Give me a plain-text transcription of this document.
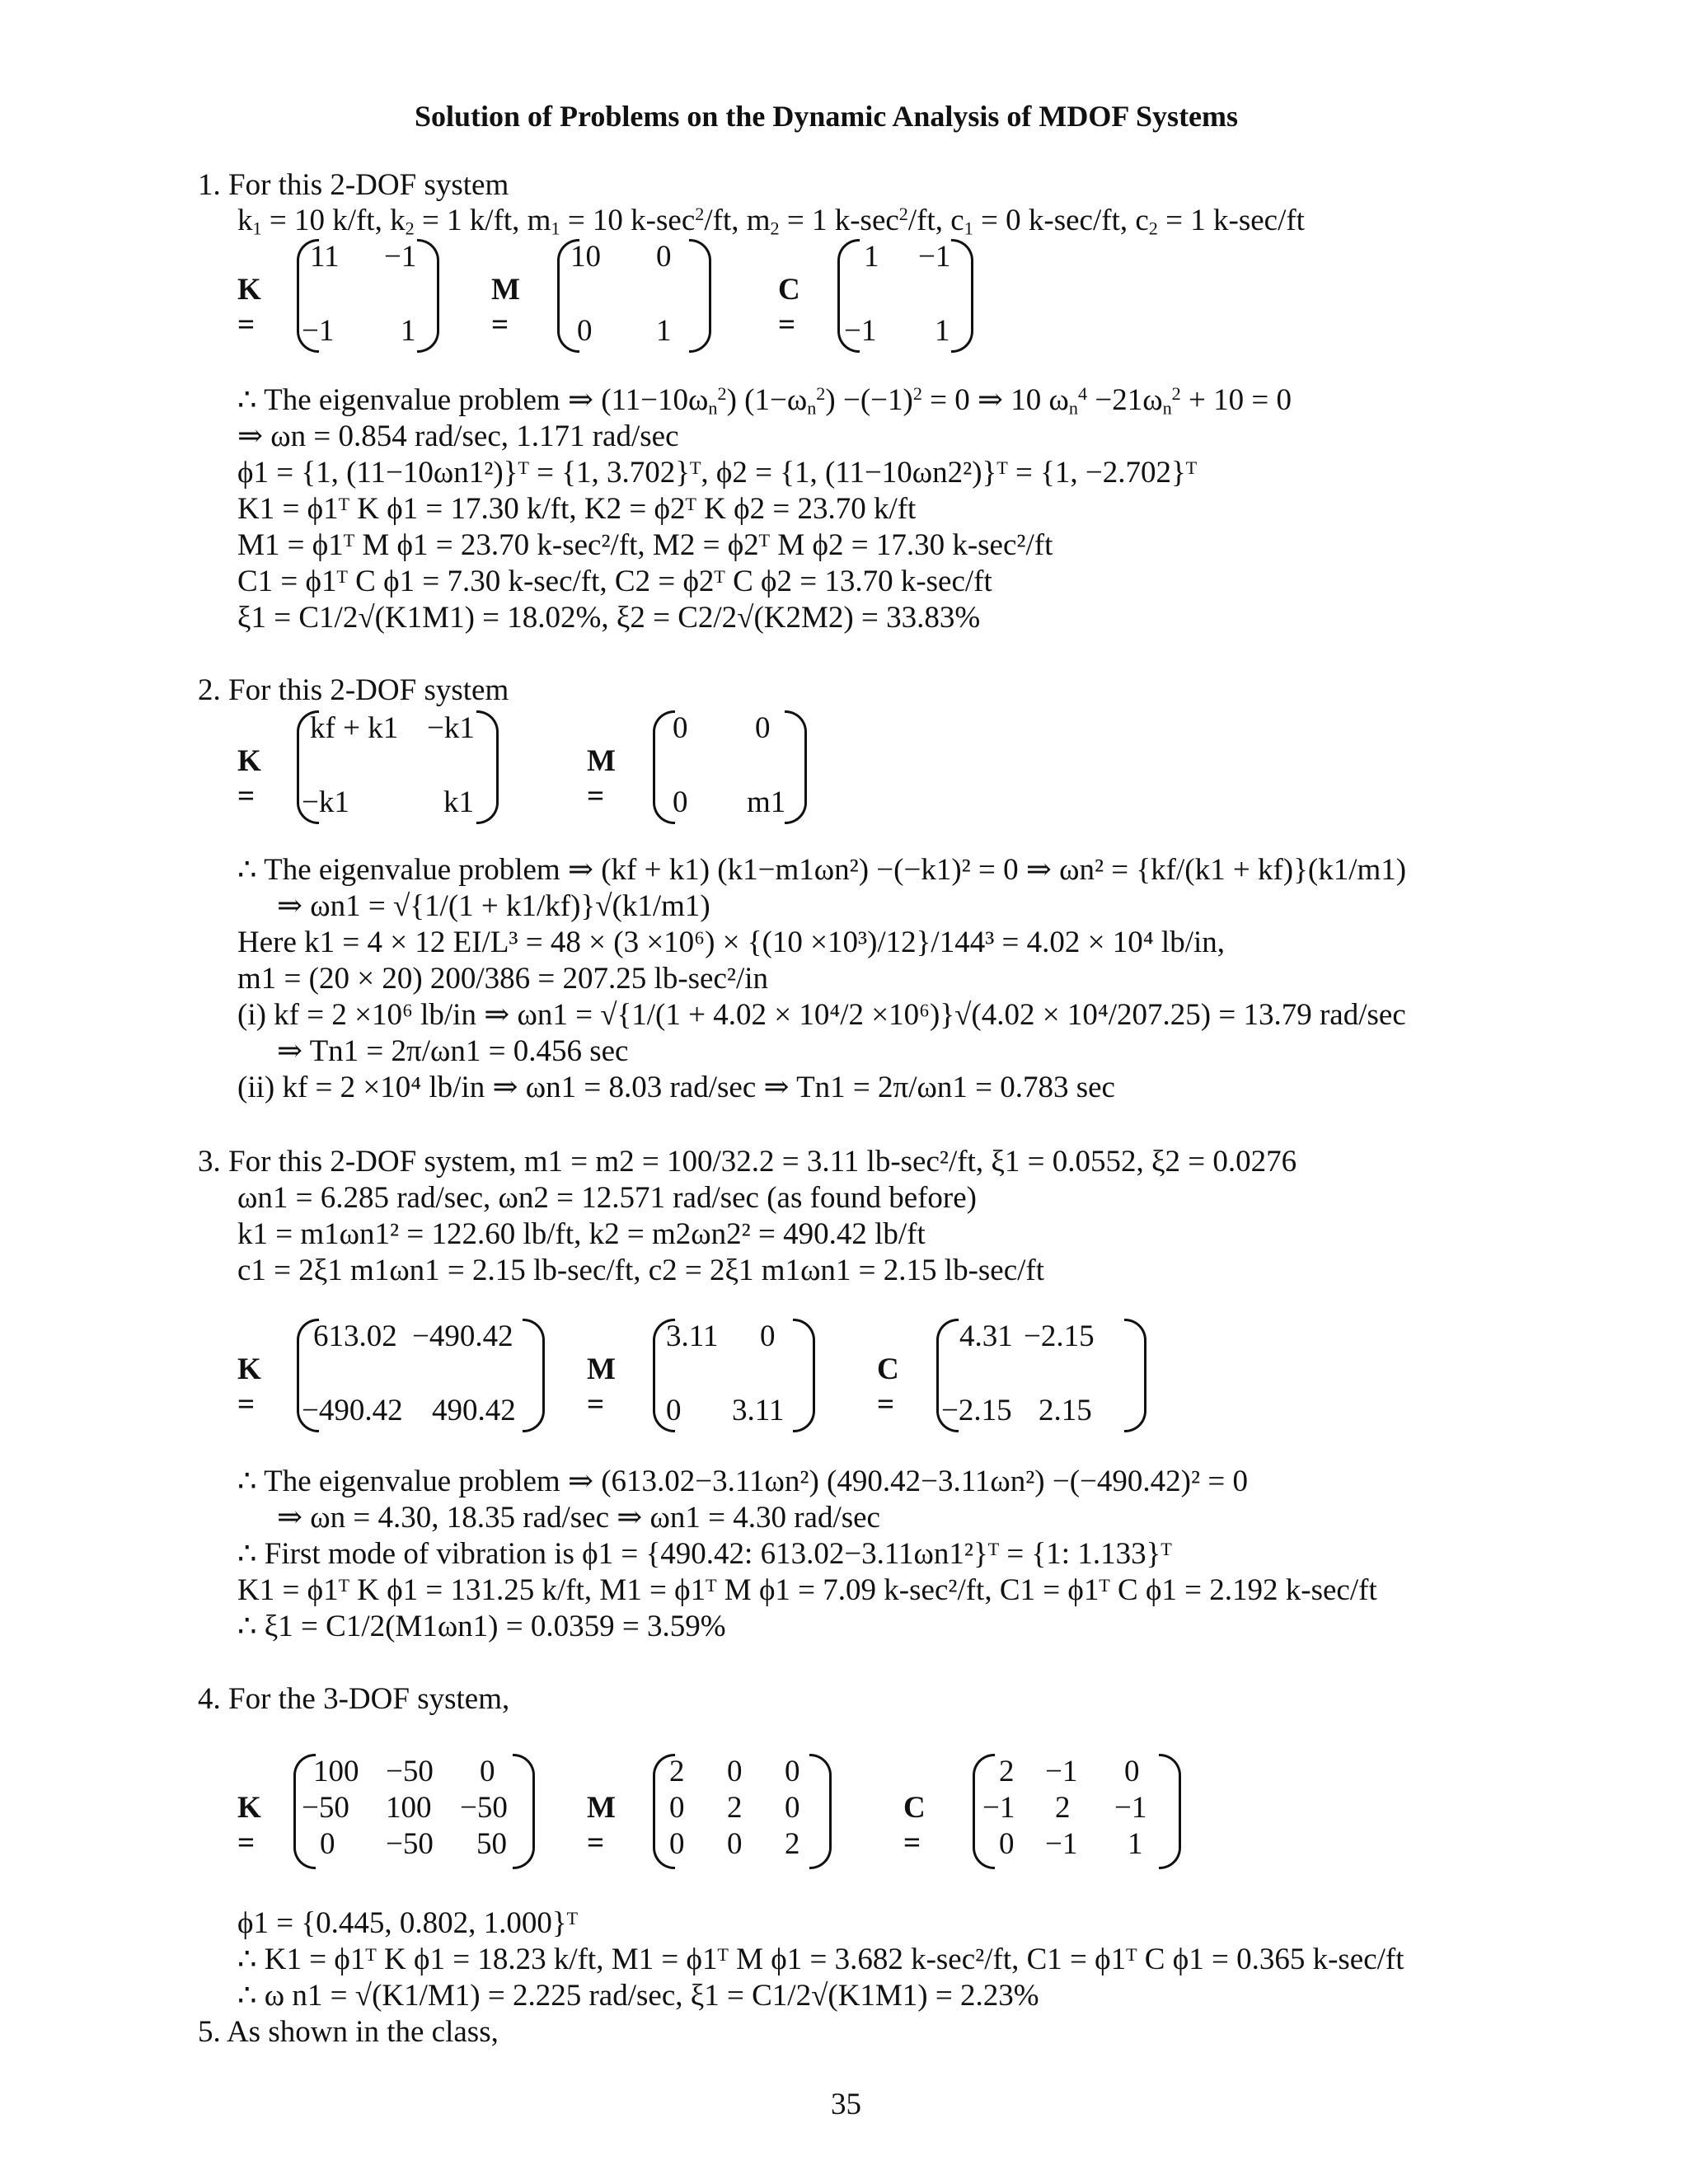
Solution of Problems on the Dynamic Analysis of MDOF Systems
1. For this 2-DOF system
$k_1 = 10$ k/ft, $k_2 = 1$ k/ft, $m_1 = 10$ $k-\sec^2/ft$, $m_2 = 1$ $k-\sec^2/ft$, $c_1 = 0$ k-sec/ft, $c_2 = 1$ k-sec/ft
K =
11 −1
−1 1
M =
10 0
0 1
C =
1 −1
−1 1
∴ The eigenvalue problem ⇒ $(11-10\omega_n^2)$ $(1-\omega_n^2) -(-1)^2 = 0$ ⇒ 10 $\omega_n^4 -21\omega_n^2 + 10 = 0$
⇒ ωn = 0.854 rad/sec, 1.171 rad/sec
ϕ1 = {1, (11−10ωn1²)}ᵀ = {1, 3.702}ᵀ, ϕ2 = {1, (11−10ωn2²)}ᵀ = {1, −2.702}ᵀ
K1 = ϕ1ᵀ K ϕ1 = 17.30 k/ft, K2 = ϕ2ᵀ K ϕ2 = 23.70 k/ft
M1 = ϕ1ᵀ M ϕ1 = 23.70 k-sec²/ft, M2 = ϕ2ᵀ M ϕ2 = 17.30 k-sec²/ft
C1 = ϕ1ᵀ C ϕ1 = 7.30 k-sec/ft, C2 = ϕ2ᵀ C ϕ2 = 13.70 k-sec/ft
ξ1 = C1/2√(K1M1) = 18.02%, ξ2 = C2/2√(K2M2) = 33.83%
2. For this 2-DOF system
K =
kf + k1 −k1
−k1	k1
M =
0 0
0 m1
∴ The eigenvalue problem ⇒ (kf + k1) (k1−m1ωn²) −(−k1)² = 0 ⇒ ωn² = {kf/(k1 + kf)}(k1/m1)
⇒ ωn1 = √{1/(1 + k1/kf)}√(k1/m1)
Here k1 = 4 × 12 EI/L³ = 48 × (3 ×10⁶) × {(10 ×10³)/12}/144³ = 4.02 × 10⁴ lb/in,
m1 = (20 × 20) 200/386 = 207.25 lb-sec²/in
(i) kf = 2 ×10⁶ lb/in ⇒ ωn1 = √{1/(1 + 4.02 × 10⁴/2 ×10⁶)}√(4.02 × 10⁴/207.25) = 13.79 rad/sec
⇒ Tn1 = 2π/ωn1 = 0.456 sec
(ii) kf = 2 ×10⁴ lb/in ⇒ ωn1 = 8.03 rad/sec ⇒ Tn1 = 2π/ωn1 = 0.783 sec
3. For this 2-DOF system, m1 = m2 = 100/32.2 = 3.11 lb-sec²/ft, ξ1 = 0.0552, ξ2 = 0.0276
ωn1 = 6.285 rad/sec, ωn2 = 12.571 rad/sec (as found before)
k1 = m1ωn1² = 122.60 lb/ft, k2 = m2ωn2² = 490.42 lb/ft
c1 = 2ξ1 m1ωn1 = 2.15 lb-sec/ft, c2 = 2ξ1 m1ωn1 = 2.15 lb-sec/ft
K =
613.02 −490.42
−490.42 490.42
M =
3.11 0
0 3.11
C =
4.31 −2.15
−2.15 2.15
∴ The eigenvalue problem ⇒ (613.02−3.11ωn²) (490.42−3.11ωn²) −(−490.42)² = 0
⇒ ωn = 4.30, 18.35 rad/sec ⇒ ωn1 = 4.30 rad/sec
∴ First mode of vibration is ϕ1 = {490.42: 613.02−3.11ωn1²}ᵀ = {1: 1.133}ᵀ
K1 = ϕ1ᵀ K ϕ1 = 131.25 k/ft, M1 = ϕ1ᵀ M ϕ1 = 7.09 k-sec²/ft, C1 = ϕ1ᵀ C ϕ1 = 2.192 k-sec/ft
∴ ξ1 = C1/2(M1ωn1) = 0.0359 = 3.59%
4. For the 3-DOF system,
K =
100 −50 0
−50 100 −50
0 −50 50
M =
2 0 0
0 2 0
0 0 2
C =
2 −1 0
−1 2 −1
0 −1 1
ϕ1 = {0.445, 0.802, 1.000}ᵀ
∴ K1 = ϕ1ᵀ K ϕ1 = 18.23 k/ft, M1 = ϕ1ᵀ M ϕ1 = 3.682 k-sec²/ft, C1 = ϕ1ᵀ C ϕ1 = 0.365 k-sec/ft
∴ ω n1 = √(K1/M1) = 2.225 rad/sec, ξ1 = C1/2√(K1M1) = 2.23%
5. As shown in the class,
35
